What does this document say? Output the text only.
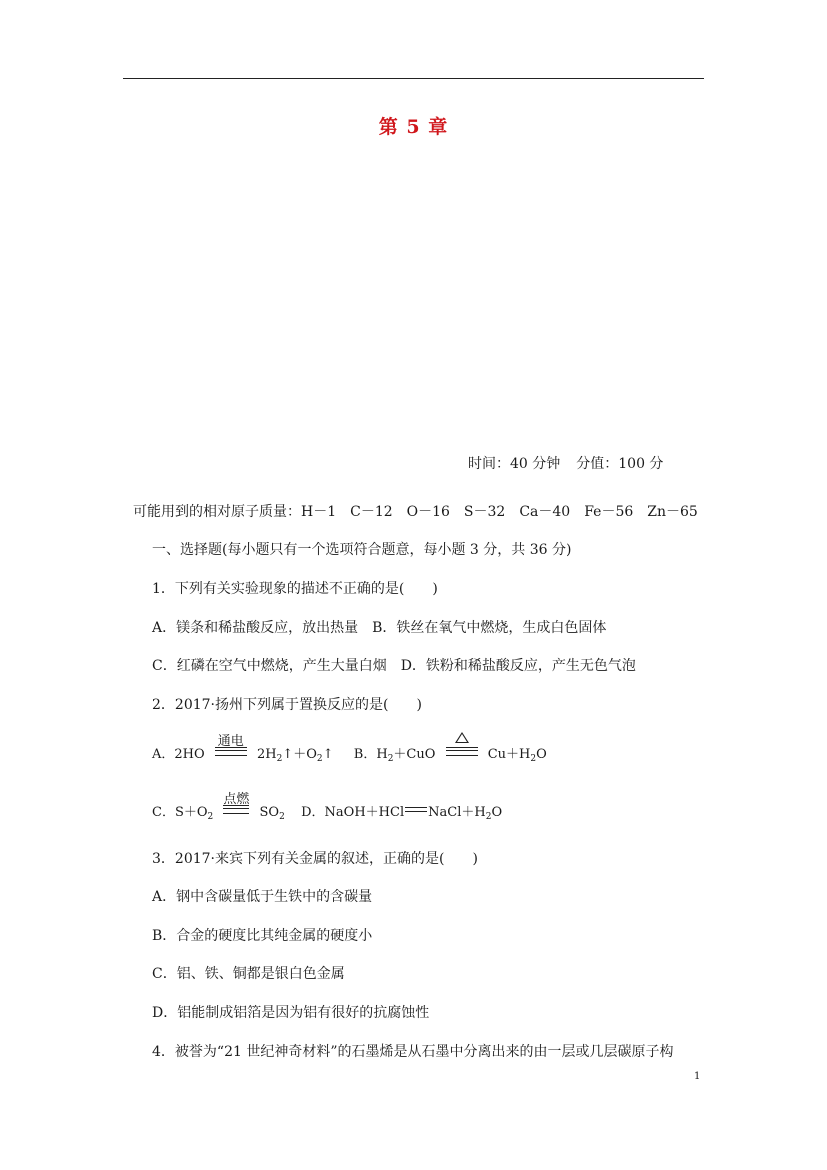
第 5 章
时间：40 分钟 分值：100 分
可能用到的相对原子质量：H－1　C－12　O－16　S－32　Ca－40　Fe－56　Zn－65
一、选择题(每小题只有一个选项符合题意，每小题 3 分，共 36 分)
1．下列有关实验现象的描述不正确的是(　　)
A．镁条和稀盐酸反应，放出热量　B．铁丝在氧气中燃烧，生成白色固体
C．红磷在空气中燃烧，产生大量白烟　D．铁粉和稀盐酸反应，产生无色气泡
2．2017·扬州下列属于置换反应的是(　　)
A．2HO
通电
$2H_2↑+O_2↑$ B．$H_2+CuO$	$Cu+H_2O$
C．$S+O_2$
点燃
$SO_2$ D．NaOH＋HCl $NaCl+H_2O$
3．2017·来宾下列有关金属的叙述，正确的是(　　)
A．钢中含碳量低于生铁中的含碳量
B．合金的硬度比其纯金属的硬度小
C．铝、铁、铜都是银白色金属
D．铝能制成铝箔是因为铝有很好的抗腐蚀性
4．被誉为“21 世纪神奇材料”的石墨烯是从石墨中分离出来的由一层或几层碳原子构
1
